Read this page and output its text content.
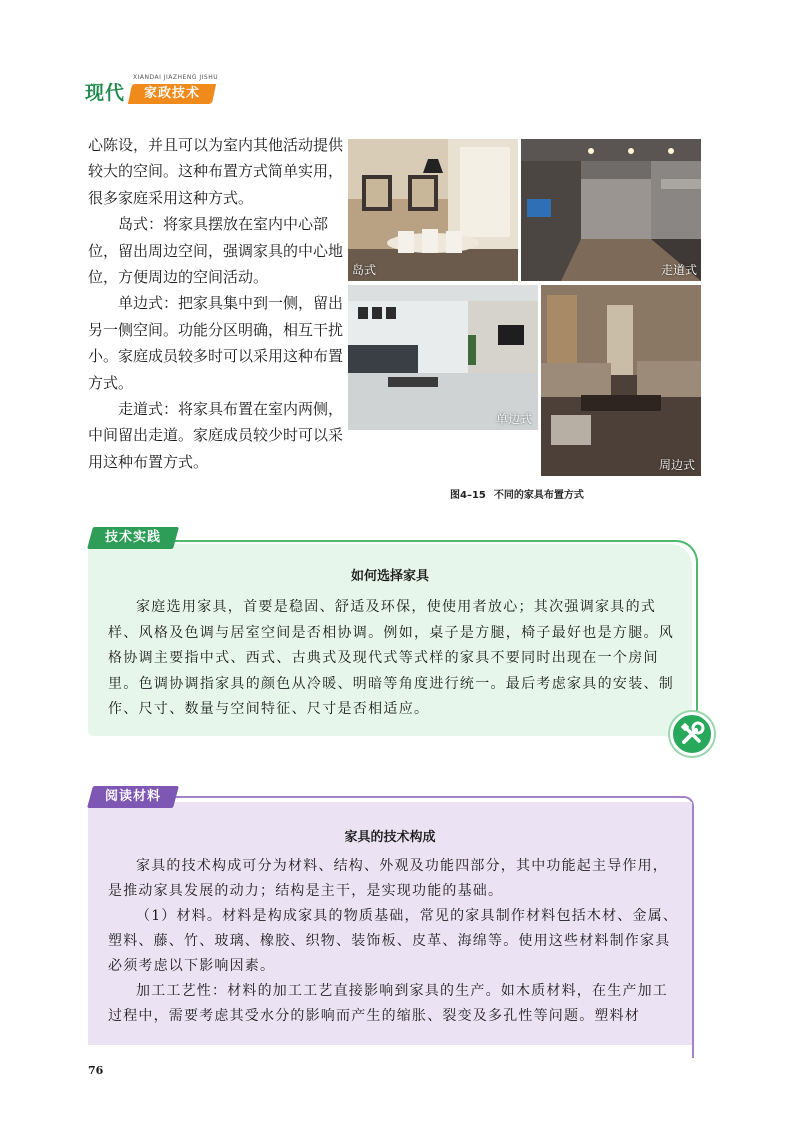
现代
XIANDAI JIAZHENG JISHU
家政技术

心陈设，并且可以为室内其他活动提供较大的空间。这种布置方式简单实用，很多家庭采用这种方式。

岛式：将家具摆放在室内中心部位，留出周边空间，强调家具的中心地位，方便周边的空间活动。

单边式：把家具集中到一侧，留出另一侧空间。功能分区明确，相互干扰小。家庭成员较多时可以采用这种布置方式。

走道式：将家具布置在室内两侧，中间留出走道。家庭成员较少时可以采用这种布置方式。

岛式	走道式
单边式
周边式
图4–15 不同的家具布置方式
技术实践
如何选择家具

家庭选用家具，首要是稳固、舒适及环保，使使用者放心；其次强调家具的式样、风格及色调与居室空间是否相协调。例如，桌子是方腿，椅子最好也是方腿。风格协调主要指中式、西式、古典式及现代式等式样的家具不要同时出现在一个房间里。色调协调指家具的颜色从冷暖、明暗等角度进行统一。最后考虑家具的安装、制作、尺寸、数量与空间特征、尺寸是否相适应。

阅读材料
家具的技术构成

家具的技术构成可分为材料、结构、外观及功能四部分，其中功能起主导作用，是推动家具发展的动力；结构是主干，是实现功能的基础。

（1）材料。材料是构成家具的物质基础，常见的家具制作材料包括木材、金属、塑料、藤、竹、玻璃、橡胶、织物、装饰板、皮革、海绵等。使用这些材料制作家具必须考虑以下影响因素。

加工工艺性：材料的加工工艺直接影响到家具的生产。如木质材料，在生产加工过程中，需要考虑其受水分的影响而产生的缩胀、裂变及多孔性等问题。塑料材

76
